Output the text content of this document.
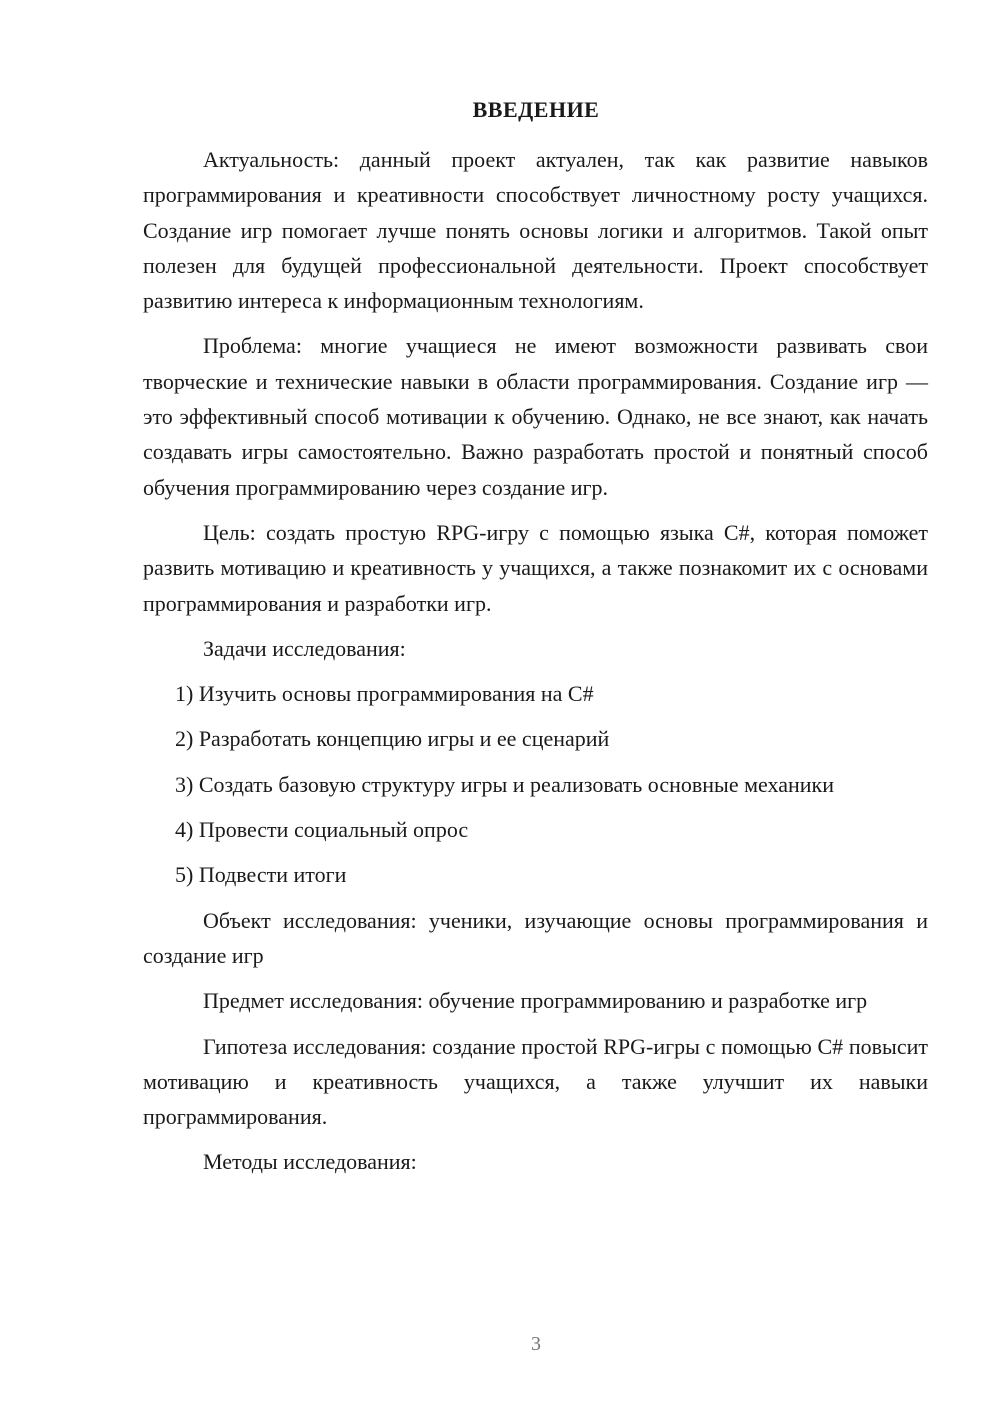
ВВЕДЕНИЕ

Актуальность: данный проект актуален, так как развитие навыков программирования и креативности способствует личностному росту учащихся. Создание игр помогает лучше понять основы логики и алгоритмов. Такой опыт полезен для будущей профессиональной деятельности. Проект способствует развитию интереса к информационным технологиям.

Проблема: многие учащиеся не имеют возможности развивать свои творческие и технические навыки в области программирования. Создание игр — это эффективный способ мотивации к обучению. Однако, не все знают, как начать создавать игры самостоятельно. Важно разработать простой и понятный способ обучения программированию через создание игр.

Цель: создать простую RPG-игру с помощью языка C#, которая поможет развить мотивацию и креативность у учащихся, а также познакомит их с основами программирования и разработки игр.

Задачи исследования:

1) Изучить основы программирования на C#
2) Разработать концепцию игры и ее сценарий
3) Создать базовую структуру игры и реализовать основные механики
4) Провести социальный опрос
5) Подвести итоги

Объект исследования: ученики, изучающие основы программирования и создание игр

Предмет исследования: обучение программированию и разработке игр

Гипотеза исследования: создание простой RPG-игры с помощью C# повысит мотивацию и креативность учащихся, а также улучшит их навыки программирования.

Методы исследования:

3
